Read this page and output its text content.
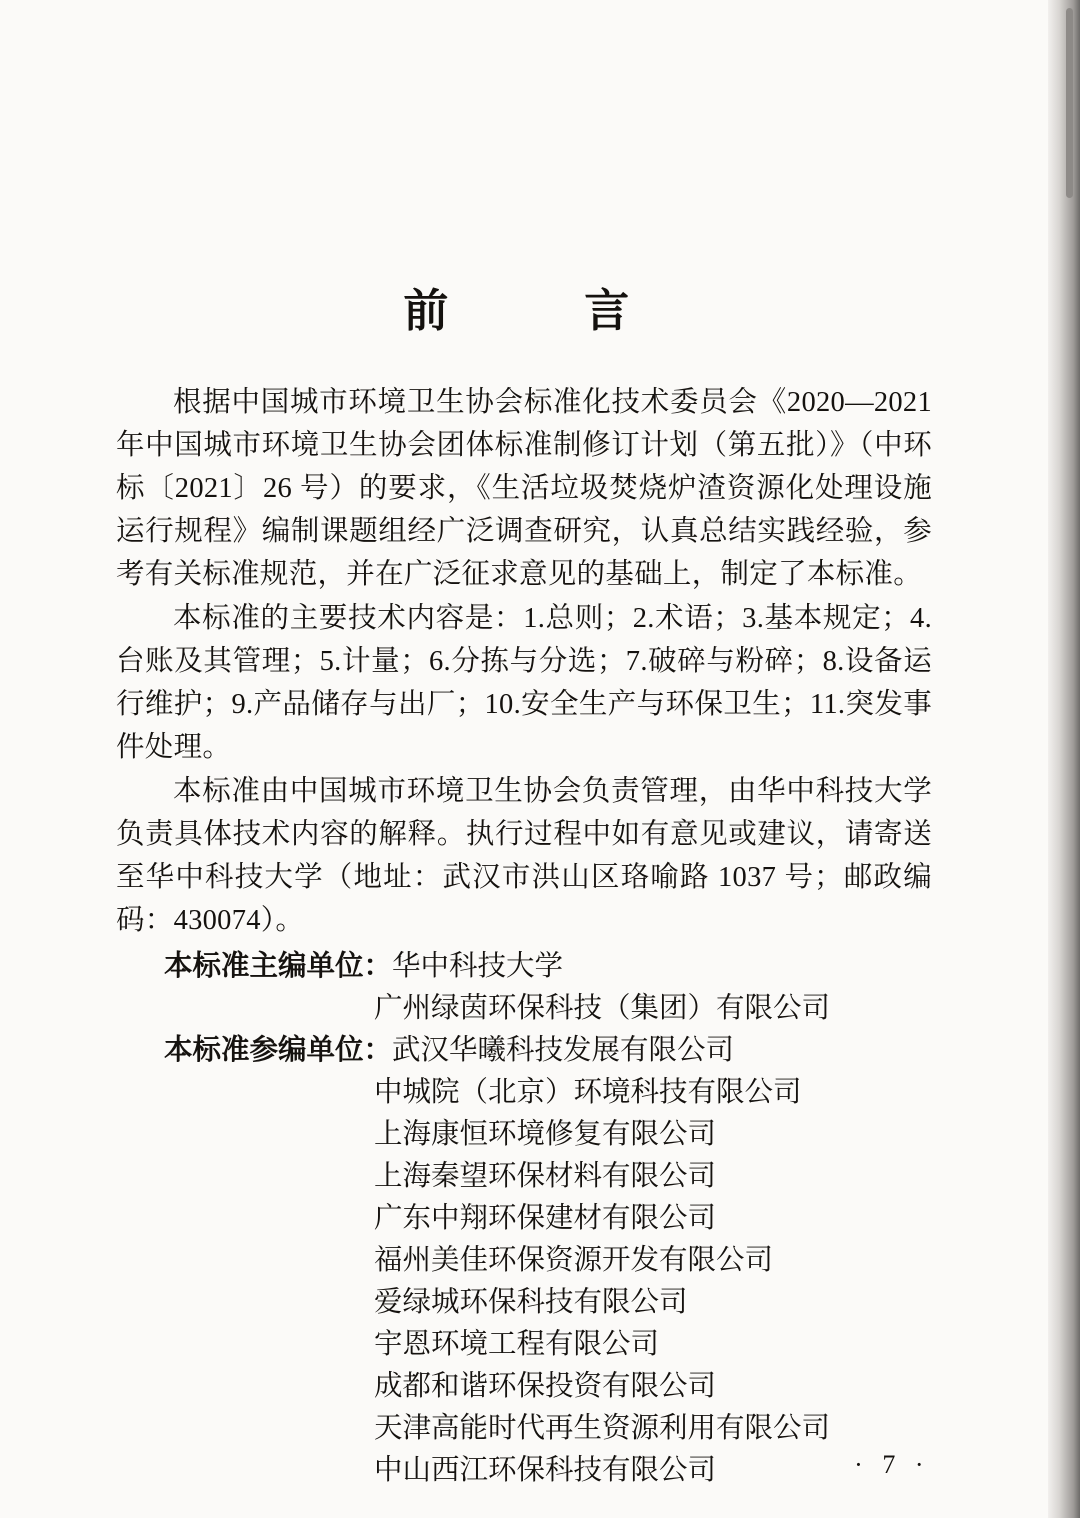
前　　言

根据中国城市环境卫生协会标准化技术委员会《2020—2021 年中国城市环境卫生协会团体标准制修订计划（第五批）》（中环标〔2021〕26 号）的要求，《生活垃圾焚烧炉渣资源化处理设施运行规程》编制课题组经广泛调查研究，认真总结实践经验，参考有关标准规范，并在广泛征求意见的基础上，制定了本标准。

本标准的主要技术内容是：1.总则；2.术语；3.基本规定；4.台账及其管理；5.计量；6.分拣与分选；7.破碎与粉碎；8.设备运行维护；9.产品储存与出厂；10.安全生产与环保卫生；11.突发事件处理。

本标准由中国城市环境卫生协会负责管理，由华中科技大学负责具体技术内容的解释。执行过程中如有意见或建议，请寄送至华中科技大学（地址：武汉市洪山区珞喻路 1037 号；邮政编码：430074）。

本标准主编单位： 华中科技大学
广州绿茵环保科技（集团）有限公司
本标准参编单位： 武汉华曦科技发展有限公司
中城院（北京）环境科技有限公司
上海康恒环境修复有限公司
上海秦望环保材料有限公司
广东中翔环保建材有限公司
福州美佳环保资源开发有限公司
爱绿城环保科技有限公司
宇恩环境工程有限公司
成都和谐环保投资有限公司
天津高能时代再生资源利用有限公司
中山西江环保科技有限公司	· 7 ·
